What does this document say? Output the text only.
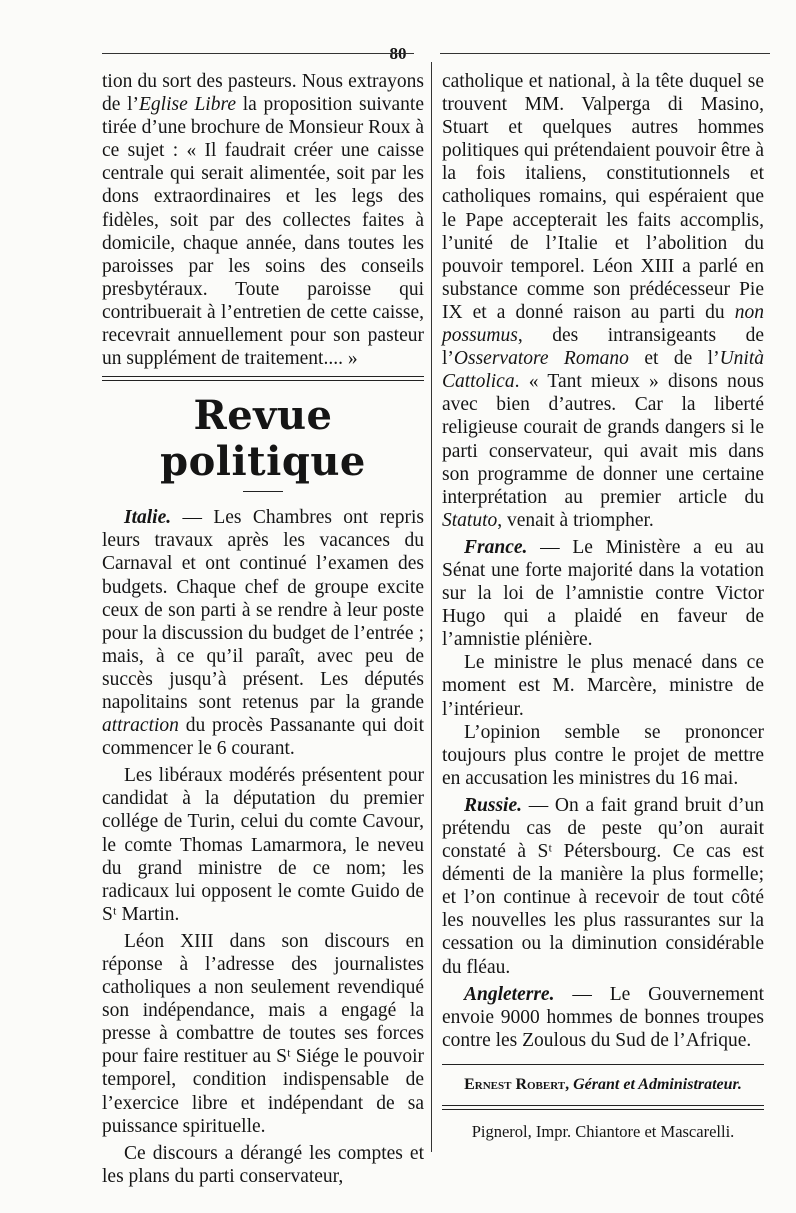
80

tion du sort des pasteurs. Nous extrayons de l’Eglise Libre la proposition suivante tirée d’une brochure de Monsieur Roux à ce sujet : « Il faudrait créer une caisse centrale qui serait alimentée, soit par les dons extraordinaires et les legs des fidèles, soit par des collectes faites à domicile, chaque année, dans toutes les paroisses par les soins des conseils presbytéraux. Toute paroisse qui contribuerait à l’entretien de cette caisse, recevrait annuellement pour son pasteur un supplément de traitement.... »

Revue politique

Italie. — Les Chambres ont repris leurs travaux après les vacances du Carnaval et ont continué l’examen des budgets. Chaque chef de groupe excite ceux de son parti à se rendre à leur poste pour la discussion du budget de l’entrée ; mais, à ce qu’il paraît, avec peu de succès jusqu’à présent. Les députés napolitains sont retenus par la grande attraction du procès Passanante qui doit commencer le 6 courant.

Les libéraux modérés présentent pour candidat à la députation du premier collége de Turin, celui du comte Cavour, le comte Thomas Lamarmora, le neveu du grand ministre de ce nom; les radicaux lui opposent le comte Guido de Sᵗ Martin.

Léon XIII dans son discours en réponse à l’adresse des journalistes catholiques a non seulement revendiqué son indépendance, mais a engagé la presse à combattre de toutes ses forces pour faire restituer au Sᵗ Siége le pouvoir temporel, condition indispensable de l’exercice libre et indépendant de sa puissance spirituelle.

Ce discours a dérangé les comptes et les plans du parti conservateur,

catholique et national, à la tête duquel se trouvent MM. Valperga di Masino, Stuart et quelques autres hommes politiques qui prétendaient pouvoir être à la fois italiens, constitutionnels et catholiques romains, qui espéraient que le Pape accepterait les faits accomplis, l’unité de l’Italie et l’abolition du pouvoir temporel. Léon XIII a parlé en substance comme son prédécesseur Pie IX et a donné raison au parti du non possumus, des intransigeants de l’Osservatore Romano et de l’Unità Cattolica. « Tant mieux » disons nous avec bien d’autres. Car la liberté religieuse courait de grands dangers si le parti conservateur, qui avait mis dans son programme de donner une certaine interprétation au premier article du Statuto, venait à triompher.

France. — Le Ministère a eu au Sénat une forte majorité dans la votation sur la loi de l’amnistie contre Victor Hugo qui a plaidé en faveur de l’amnistie plénière.

Le ministre le plus menacé dans ce moment est M. Marcère, ministre de l’intérieur.

L’opinion semble se prononcer toujours plus contre le projet de mettre en accusation les ministres du 16 mai.

Russie. — On a fait grand bruit d’un prétendu cas de peste qu’on aurait constaté à Sᵗ Pétersbourg. Ce cas est démenti de la manière la plus formelle; et l’on continue à recevoir de tout côté les nouvelles les plus rassurantes sur la cessation ou la diminution considérable du fléau.

Angleterre. — Le Gouvernement envoie 9000 hommes de bonnes troupes contre les Zoulous du Sud de l’Afrique.

Ernest Robert, Gérant et Administrateur.
Pignerol, Impr. Chiantore et Mascarelli.
